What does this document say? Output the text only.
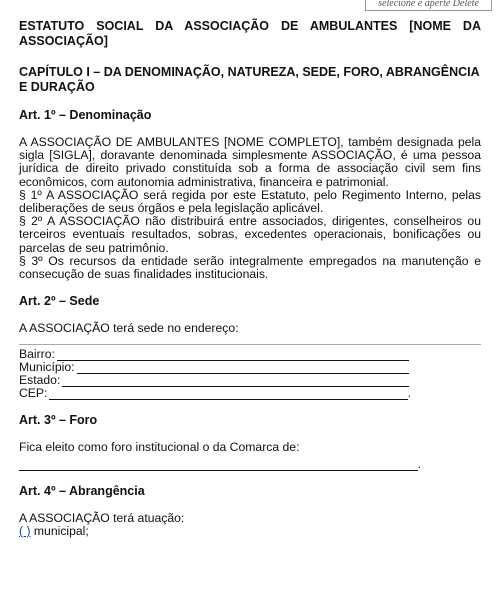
selecione e aperte Delete
ESTATUTO SOCIAL DA ASSOCIAÇÃO DE AMBULANTES [NOME DA ASSOCIAÇÃO]
CAPÍTULO I – DA DENOMINAÇÃO, NATUREZA, SEDE, FORO, ABRANGÊNCIA E DURAÇÃO
Art. 1º – Denominação

A ASSOCIAÇÃO DE AMBULANTES [NOME COMPLETO], também designada pela sigla [SIGLA], doravante denominada simplesmente ASSOCIAÇÃO, é uma pessoa jurídica de direito privado constituída sob a forma de associação civil sem fins econômicos, com autonomia administrativa, financeira e patrimonial.

§ 1º A ASSOCIAÇÃO será regida por este Estatuto, pelo Regimento Interno, pelas deliberações de seus órgãos e pela legislação aplicável.

§ 2º A ASSOCIAÇÃO não distribuirá entre associados, dirigentes, conselheiros ou terceiros eventuais resultados, sobras, excedentes operacionais, bonificações ou parcelas de seu patrimônio.

§ 3º Os recursos da entidade serão integralmente empregados na manutenção e consecução de suas finalidades institucionais.

Art. 2º – Sede

A ASSOCIAÇÃO terá sede no endereço:

Bairro:
Município:
Estado:
CEP:	.
Art. 3º – Foro

Fica eleito como foro institucional o da Comarca de:

.
Art. 4º – Abrangência

A ASSOCIAÇÃO terá atuação:

( ) municipal;
